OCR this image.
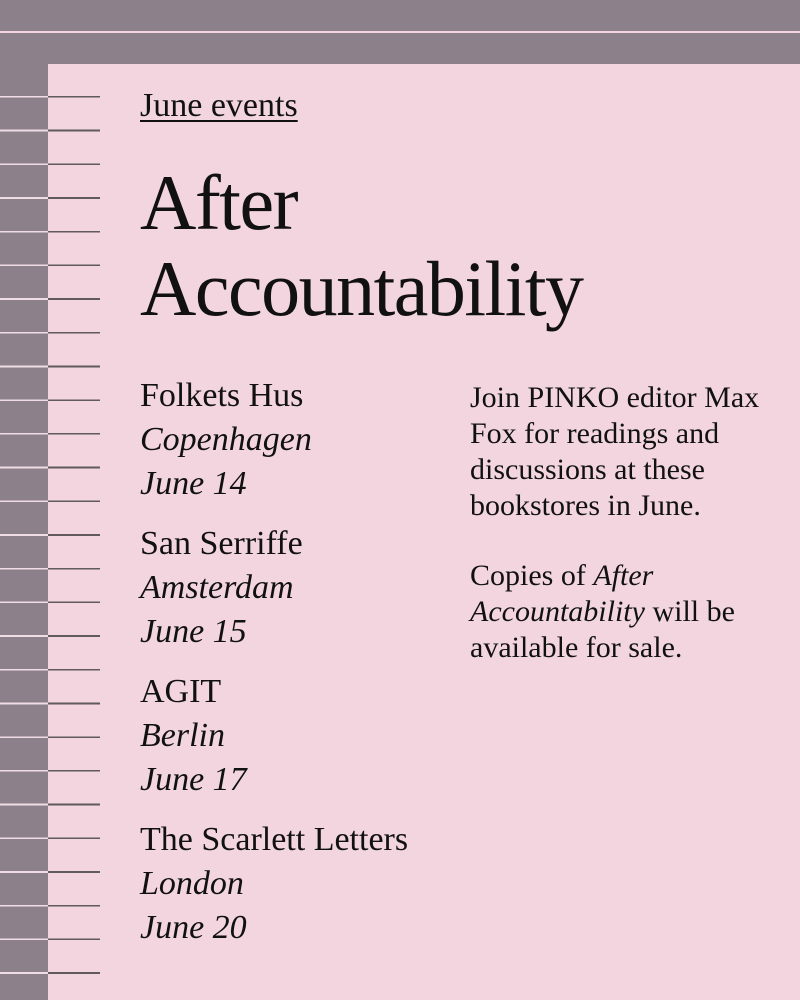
June events
After
Accountability
Folkets Hus
Copenhagen
June 14
San Serriffe
Amsterdam
June 15
AGIT
Berlin
June 17
The Scarlett Letters
London
June 20

Join PINKO editor Max Fox for readings and discussions at these bookstores in June.

Copies of After Accountability will be available for sale.
